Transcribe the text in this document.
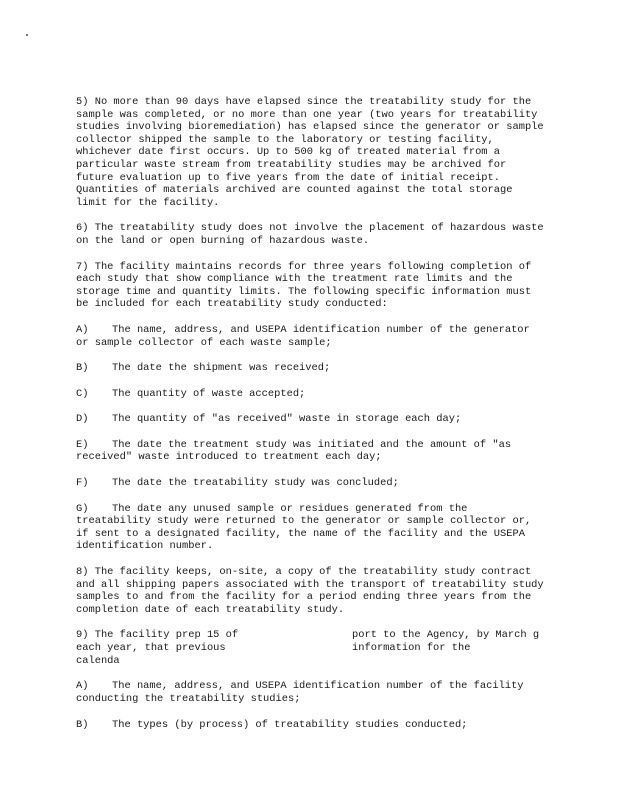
5) No more than 90 days have elapsed since the treatability study for the sample was completed, or no more than one year (two years for treatability studies involving bioremediation) has elapsed since the generator or sample collector shipped the sample to the laboratory or testing facility, whichever date first occurs. Up to 500 kg of treated material from a particular waste stream from treatability studies may be archived for future evaluation up to five years from the date of initial receipt. Quantities of materials archived are counted against the total storage limit for the facility.

6) The treatability study does not involve the placement of hazardous waste on the land or open burning of hazardous waste.

7) The facility maintains records for three years following completion of each study that show compliance with the treatment rate limits and the storage time and quantity limits. The following specific information must be included for each treatability study conducted:

A) The name, address, and USEPA identification number of the generator or sample collector of each waste sample;

B) The date the shipment was received;

C) The quantity of waste accepted;

D) The quantity of "as received" waste in storage each day;

E) The date the treatment study was initiated and the amount of "as received" waste introduced to treatment each day;

F) The date the treatability study was concluded;

G) The date any unused sample or residues generated from the treatability study were returned to the generator or sample collector or, if sent to a designated facility, the name of the facility and the USEPA identification number.

8) The facility keeps, on-site, a copy of the treatability study contract and all shipping papers associated with the transport of treatability study samples to and from the facility for a period ending three years from the completion date of each treatability study.

9) The facility prep 15 of each year, that previous calenda
port to the Agency, by March g information for the

A) The name, address, and USEPA identification number of the facility conducting the treatability studies;

B) The types (by process) of treatability studies conducted;
